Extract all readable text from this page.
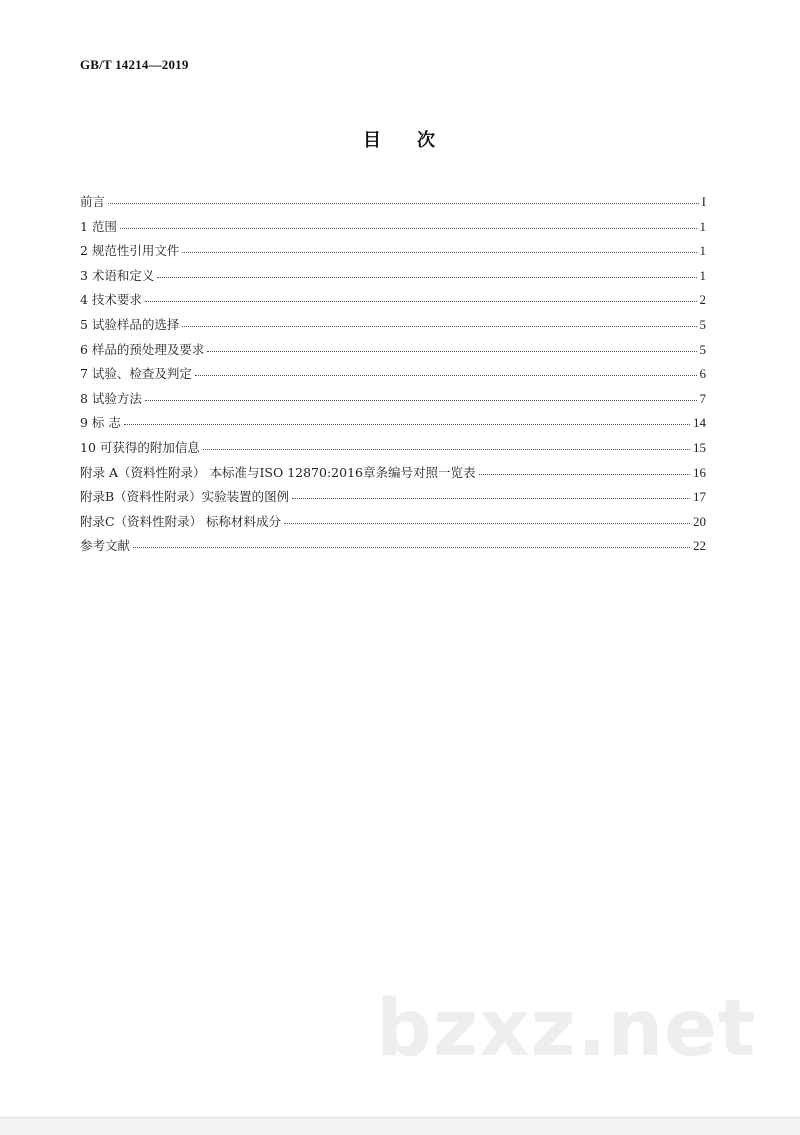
GB/T 14214—2019
目 次
前言	I
1 范围	1
2 规范性引用文件	1
3 术语和定义	1
4 技术要求	2
5 试验样品的选择	5
6 样品的预处理及要求	5
7 试验、检查及判定	6
8 试验方法	7
9 标 志	14
10 可获得的附加信息	15
附录 A（资料性附录） 本标准与ISO 12870:2016章条编号对照一览表	16
附录B（资料性附录）实验装置的图例	17
附录C（资料性附录） 标称材料成分	20
参考文献	22
bzxz.net
